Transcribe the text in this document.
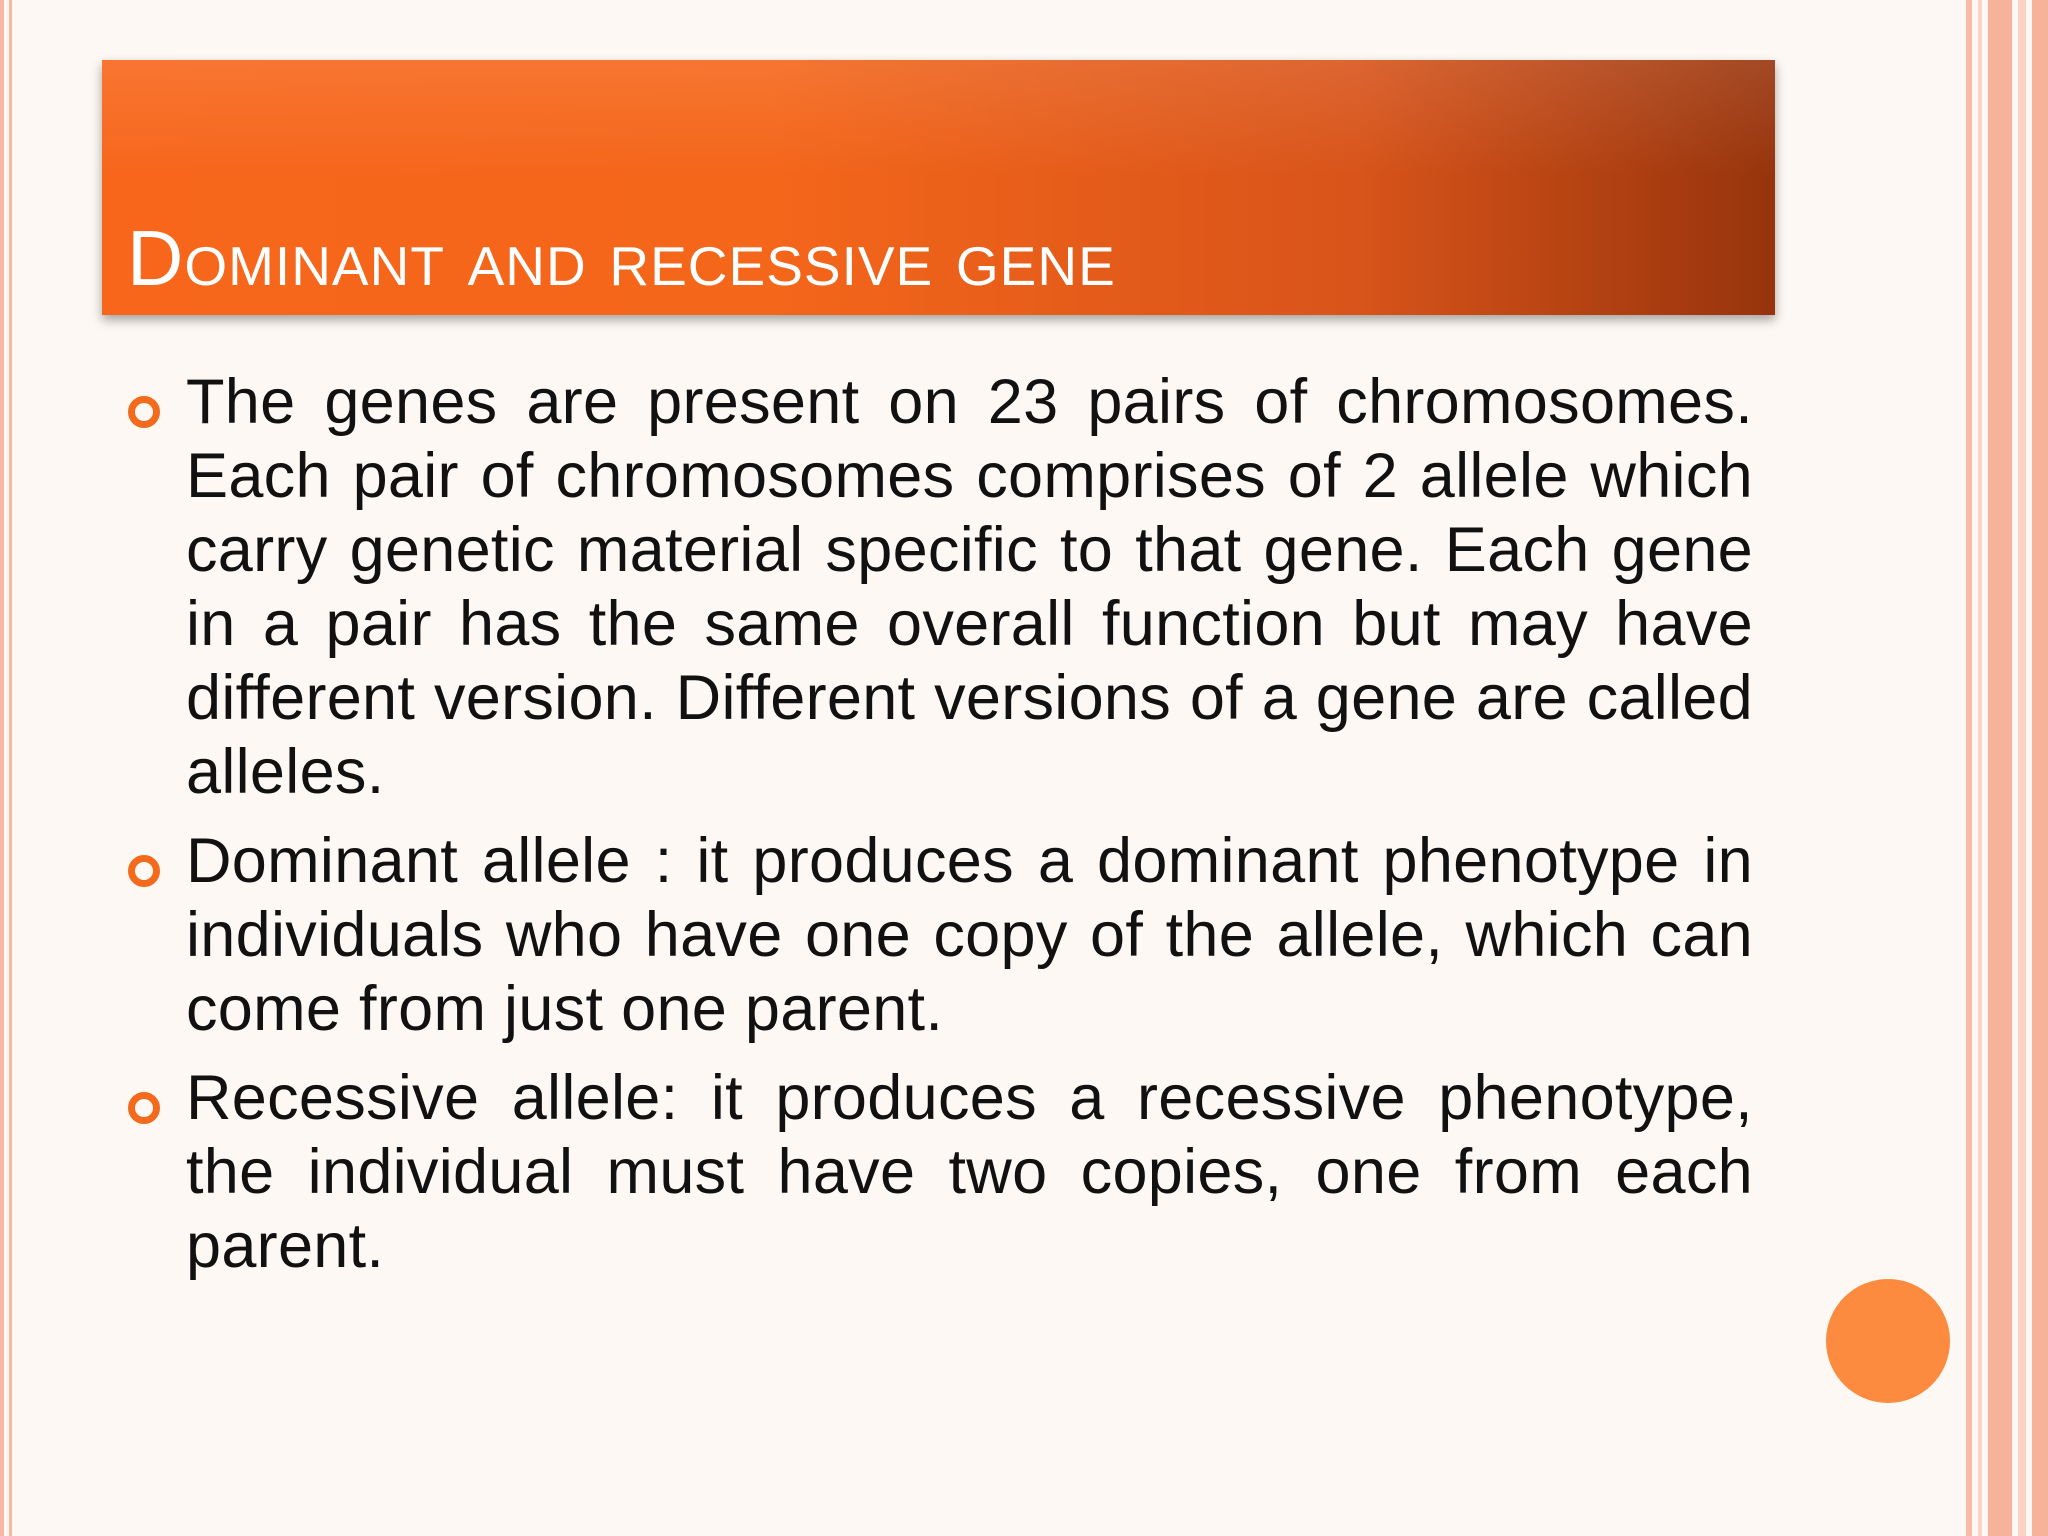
Dominant and recessive gene
The genes are present on 23 pairs of chromosomes. Each pair of chromosomes comprises of 2 allele which carry genetic material specific to that gene. Each gene in a pair has the same overall function but may have different version. Different versions of a gene are called alleles.
Dominant allele : it produces a dominant phenotype in individuals who have one copy of the allele, which can come from just one parent.
Recessive allele: it produces a recessive phenotype, the individual must have two copies, one from each parent.
